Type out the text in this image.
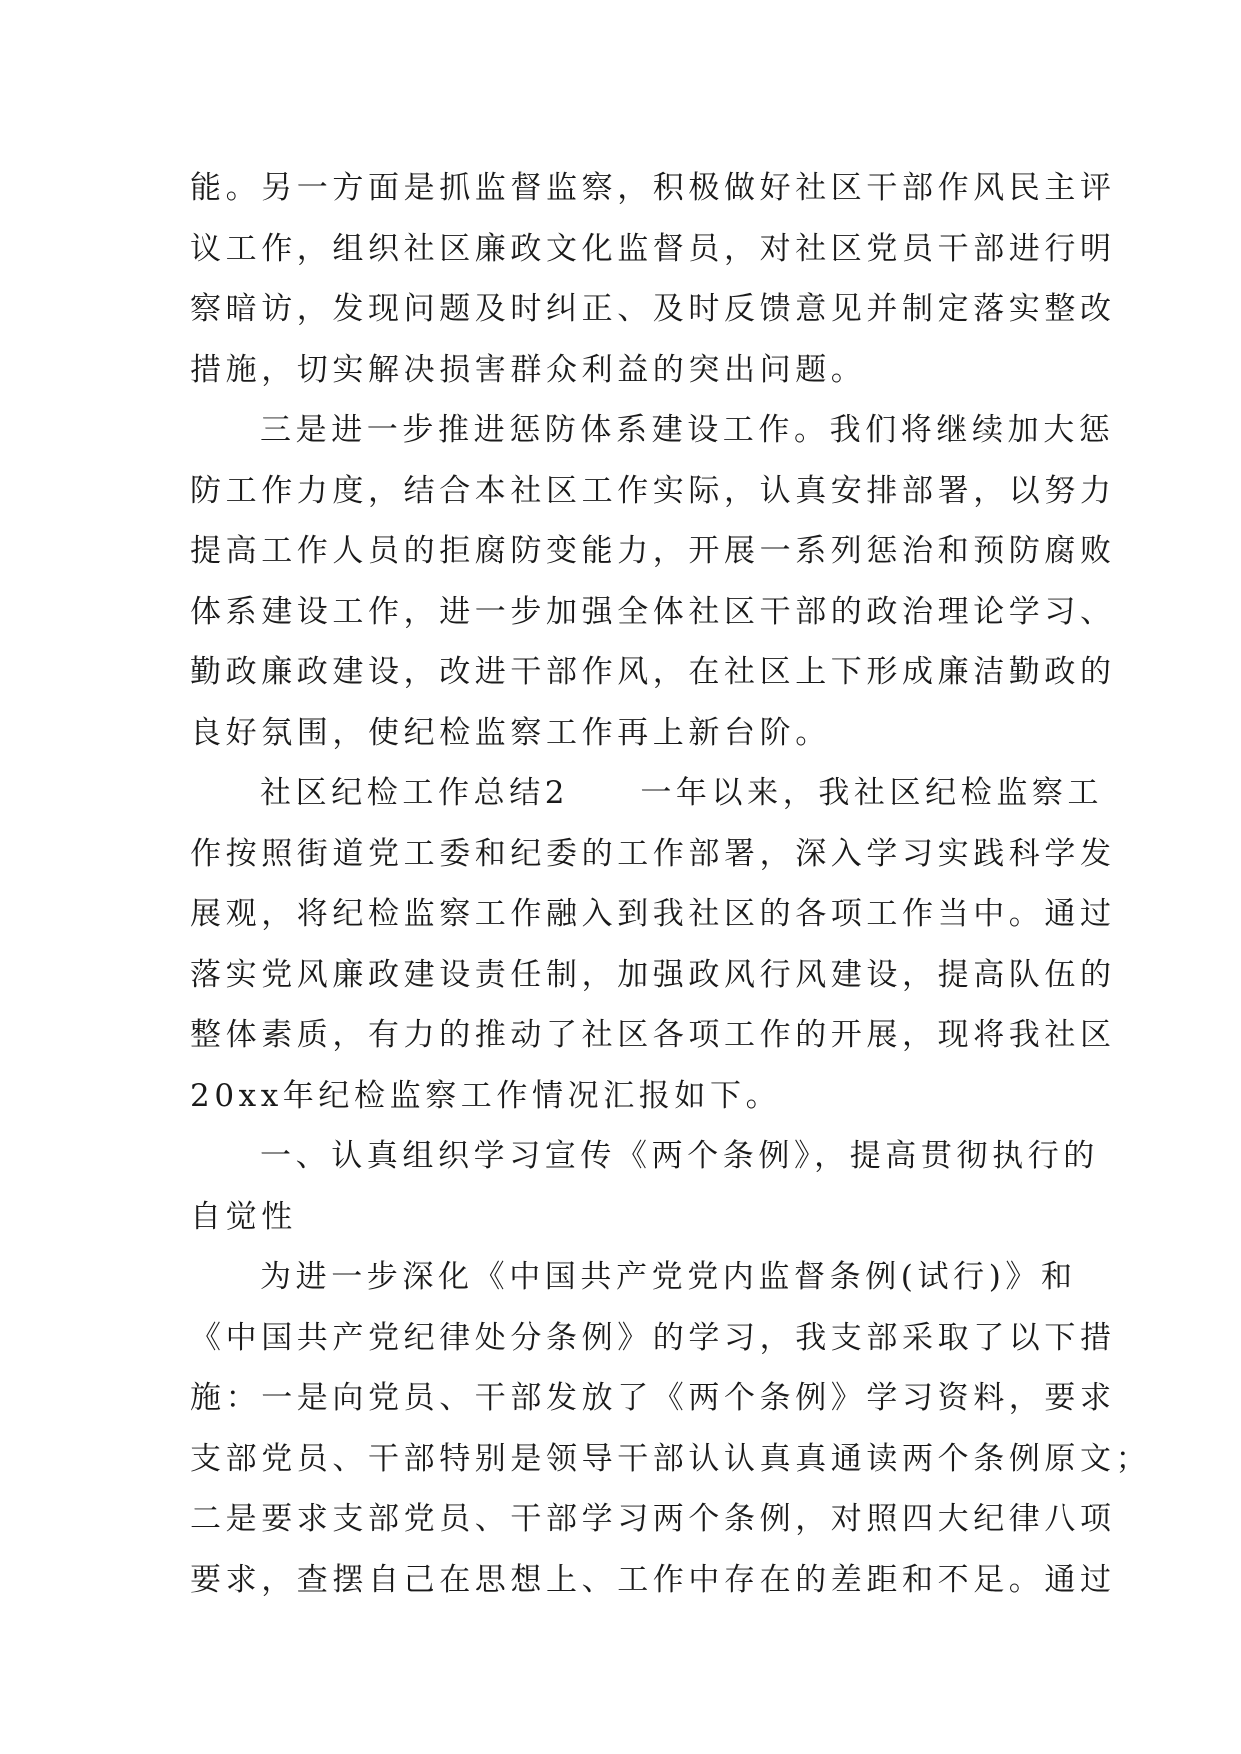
能。另一方面是抓监督监察，积极做好社区干部作风民主评
议工作，组织社区廉政文化监督员，对社区党员干部进行明
察暗访，发现问题及时纠正、及时反馈意见并制定落实整改
措施，切实解决损害群众利益的突出问题。
三是进一步推进惩防体系建设工作。我们将继续加大惩
防工作力度，结合本社区工作实际，认真安排部署，以努力
提高工作人员的拒腐防变能力，开展一系列惩治和预防腐败
体系建设工作，进一步加强全体社区干部的政治理论学习、
勤政廉政建设，改进干部作风，在社区上下形成廉洁勤政的
良好氛围，使纪检监察工作再上新台阶。
社区纪检工作总结2　　一年以来，我社区纪检监察工
作按照街道党工委和纪委的工作部署，深入学习实践科学发
展观，将纪检监察工作融入到我社区的各项工作当中。通过
落实党风廉政建设责任制，加强政风行风建设，提高队伍的
整体素质，有力的推动了社区各项工作的开展，现将我社区
20xx年纪检监察工作情况汇报如下。
一、认真组织学习宣传《两个条例》，提高贯彻执行的
自觉性
为进一步深化《中国共产党党内监督条例(试行)》和
《中国共产党纪律处分条例》的学习，我支部采取了以下措
施：一是向党员、干部发放了《两个条例》学习资料，要求
支部党员、干部特别是领导干部认认真真通读两个条例原文；
二是要求支部党员、干部学习两个条例，对照四大纪律八项
要求，查摆自己在思想上、工作中存在的差距和不足。通过
